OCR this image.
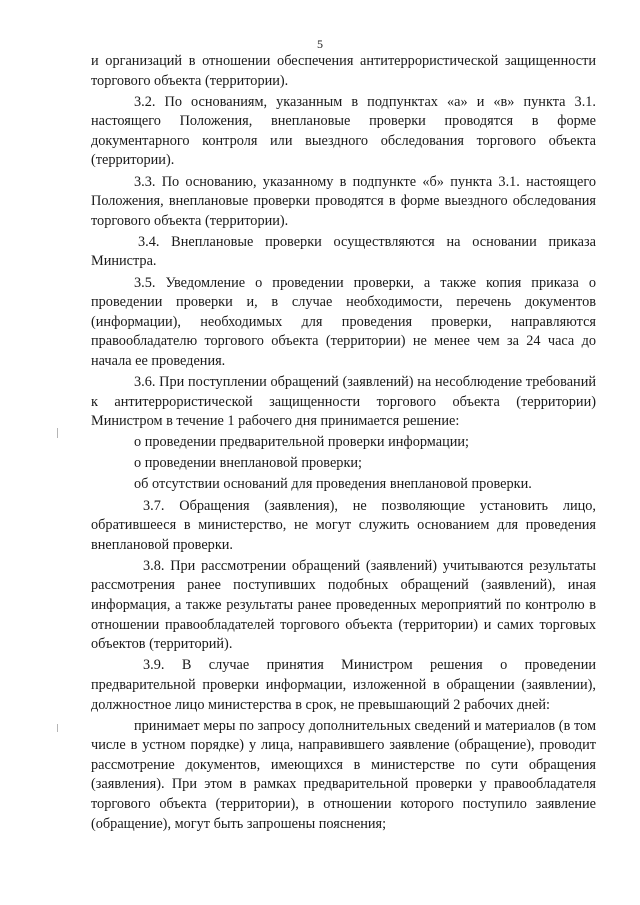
5

и организаций в отношении обеспечения антитеррористической защищенности торгового объекта (территории).

3.2. По основаниям, указанным в подпунктах «а» и «в» пункта 3.1. настоящего Положения, внеплановые проверки проводятся в форме документарного контроля или выездного обследования торгового объекта (территории).

3.3. По основанию, указанному в подпункте «б» пункта 3.1. настоящего Положения, внеплановые проверки проводятся в форме выездного обследования торгового объекта (территории).

3.4. Внеплановые проверки осуществляются на основании приказа Министра.

3.5. Уведомление о проведении проверки, а также копия приказа о проведении проверки и, в случае необходимости, перечень документов (информации), необходимых для проведения проверки, направляются правообладателю торгового объекта (территории) не менее чем за 24 часа до начала ее проведения.

3.6. При поступлении обращений (заявлений) на несоблюдение требований к антитеррористической защищенности торгового объекта (территории) Министром в течение 1 рабочего дня принимается решение:

о проведении предварительной проверки информации;

о проведении внеплановой проверки;

об отсутствии оснований для проведения внеплановой проверки.

3.7. Обращения (заявления), не позволяющие установить лицо, обратившееся в министерство, не могут служить основанием для проведения внеплановой проверки.

3.8. При рассмотрении обращений (заявлений) учитываются результаты рассмотрения ранее поступивших подобных обращений (заявлений), иная информация, а также результаты ранее проведенных мероприятий по контролю в отношении правообладателей торгового объекта (территории) и самих торговых объектов (территорий).

3.9. В случае принятия Министром решения о проведении предварительной проверки информации, изложенной в обращении (заявлении), должностное лицо министерства в срок, не превышающий 2 рабочих дней:

принимает меры по запросу дополнительных сведений и материалов (в том числе в устном порядке) у лица, направившего заявление (обращение), проводит рассмотрение документов, имеющихся в министерстве по сути обращения (заявления). При этом в рамках предварительной проверки у правообладателя торгового объекта (территории), в отношении которого поступило заявление (обращение), могут быть запрошены пояснения;
